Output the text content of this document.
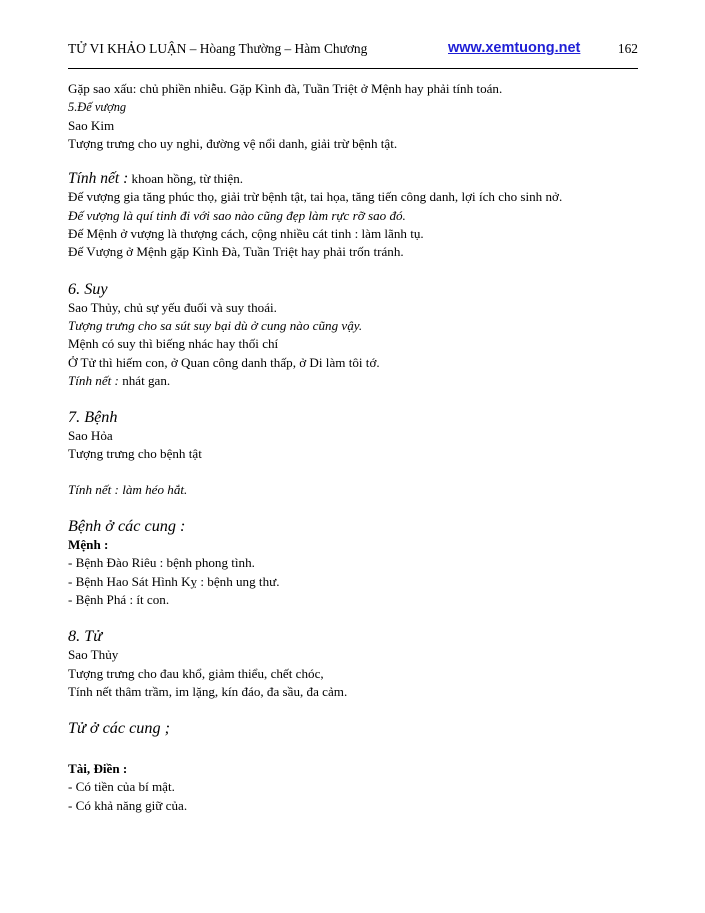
TỬ VI KHẢO LUẬN – Hòang Thường – Hàm Chương	www.xemtuong.net	162
Gặp sao xấu: chủ phiền nhiễu. Gặp Kình đà, Tuần Triệt ở Mệnh hay phải tính toán.
5.Đế vượng
Sao Kim
Tượng trưng cho uy nghi, đường vệ nổi danh, giải trừ bệnh tật.
Tính nết : khoan hồng, từ thiện.
Đế vượng gia tăng phúc thọ, giải trừ bệnh tật, tai họa, tăng tiến công danh, lợi ích cho sinh nở.
Đế vượng là quí tinh đi với sao nào cũng đẹp làm rực rỡ sao đó.
Đế Mệnh ở vượng là thượng cách, cộng nhiều cát tinh : làm lãnh tụ.
Đế Vượng ở Mệnh gặp Kình Đà, Tuần Triệt hay phải trốn tránh.
6. Suy
Sao Thủy, chủ sự yếu đuối và suy thoái.
Tượng trưng cho sa sút suy bại dù ở cung nào cũng vậy.
Mệnh có suy thì biếng nhác hay thối chí
Ở Tử thì hiếm con, ở Quan công danh thấp, ở Di làm tôi tớ.
Tính nết : nhát gan.
7. Bệnh
Sao Hỏa
Tượng trưng cho bệnh tật
Tính nết : làm héo hắt.
Bệnh ở các cung :
Mệnh :
- Bệnh Đào Riêu : bệnh phong tình.
- Bệnh Hao Sát Hình Kỵ : bệnh ung thư.
- Bệnh Phá : ít con.
8. Tử
Sao Thủy
Tượng trưng cho đau khổ, giảm thiểu, chết chóc,
Tính nết thâm trầm, im lặng, kín đáo, đa sầu, đa cảm.
Tử ở các cung ;
Tài, Điền :
- Có tiền của bí mật.
- Có khả năng giữ của.
